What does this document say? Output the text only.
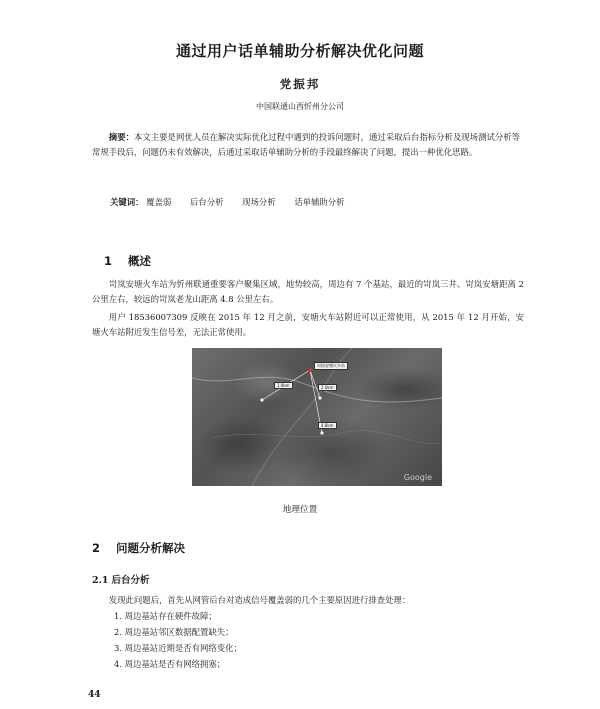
通过用户话单辅助分析解决优化问题
党振邦
中国联通山西忻州分公司
摘要：本文主要是网优人员在解决实际优化过程中遇到的投诉问题时，通过采取后台指标分析及现场测试分析等常规手段后，问题仍未有效解决，后通过采取话单辅助分析的手段最终解决了问题，提出一种优化思路。
关键词： 覆盖弱 后台分析 现场分析 话单辅助分析
1 概述
岢岚安塘火车站为忻州联通重要客户聚集区域，地势较高，周边有 7 个基站，最近的岢岚三井、岢岚安塘距离 2 公里左右，较远的岢岚老龙山距离 4.8 公里左右。
用户 18536007309 反映在 2015 年 12 月之前，安塘火车站附近可以正常使用，从 2015 年 12 月开始，安塘火车站附近发生信号差，无法正常使用。
岢岚安塘火车站
1.9km	2.0km
4.8km
Google
地理位置
2 问题分析解决
2.1 后台分析
发现此问题后，首先从网管后台对造成信号覆盖弱的几个主要原因进行排查处理：
1. 周边基站存在硬件故障；
2. 周边基站邻区数据配置缺失；
3. 周边基站近期是否有网络变化；
4. 周边基站是否有网络拥塞；
44
